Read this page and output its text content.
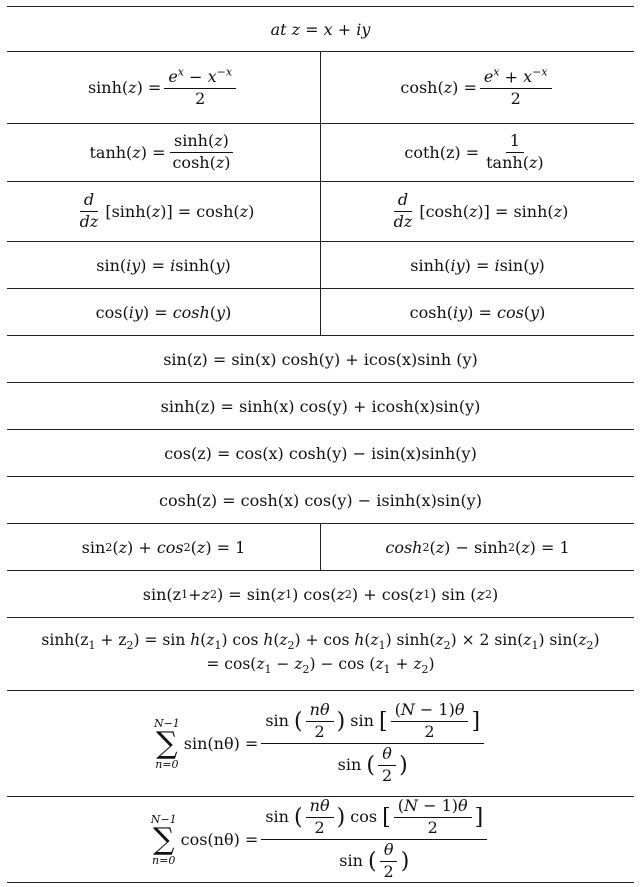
at z = x + iy
sinh( z ) = $\frac{e^x - x^{-x}}{2}$	cosh( z ) = $\frac{e^x + x^{-x}}{2}$
tanh( z ) = $\frac{\sinh(z)}{\cosh(z)}$	$\cot h(z) = \frac{1}{\tanh(z)}$
$\frac{d}{dz} [\sinh$( z )] = cosh( z )	$\frac{d}{dz} [\cosh$( z )] = sinh( z )
sin( iy ) = i sinh( y )	sinh( iy ) = i sin( y )
cos( iy ) = cosh ( y )	cosh( iy ) = cos ( y )
sin(z) = sin(x) cosh(y) + icos(x)sinh (y)
sinh(z) = sinh(x) cos(y) + icosh(x)sin(y)
cos(z) = cos(x) cosh(y) − isin(x)sinh(y)
cosh(z) = cosh(x) cos(y) − isinh(x)sin(y)
sin 2 ( z ) + cos 2 ( z ) = 1	cosh 2 ( z ) − sinh 2 ( z ) = 1
sin(z 1 + z 2 ) = sin( z 1 ) cos( z 2 ) + cos( z 1 ) sin ( z 2 )
$\sinh(z_1 + z_2) = \sin h(z_1)$ $\cos h(z_2) + \cos h(z_1) \sinh(z_2) \times 2$ $\sin(z_1)$ $\sin(z_2)$
= $\cos(z_1 - z_2) - \cos (z_1 + z_2)$
N−1
∑
n=0
$\sin(n\theta) = \frac{\sin ( \frac{n\theta}{2} ) \sin [ \frac{(N - 1)\theta}{2} ]}{\sin ( \frac{\theta}{2} )}$
N−1
∑
n=0
$\cos(n\theta) = \frac{\sin ( \frac{n\theta}{2} ) \cos [ \frac{(N - 1)\theta}{2} ]}{\sin ( \frac{\theta}{2} )}$
